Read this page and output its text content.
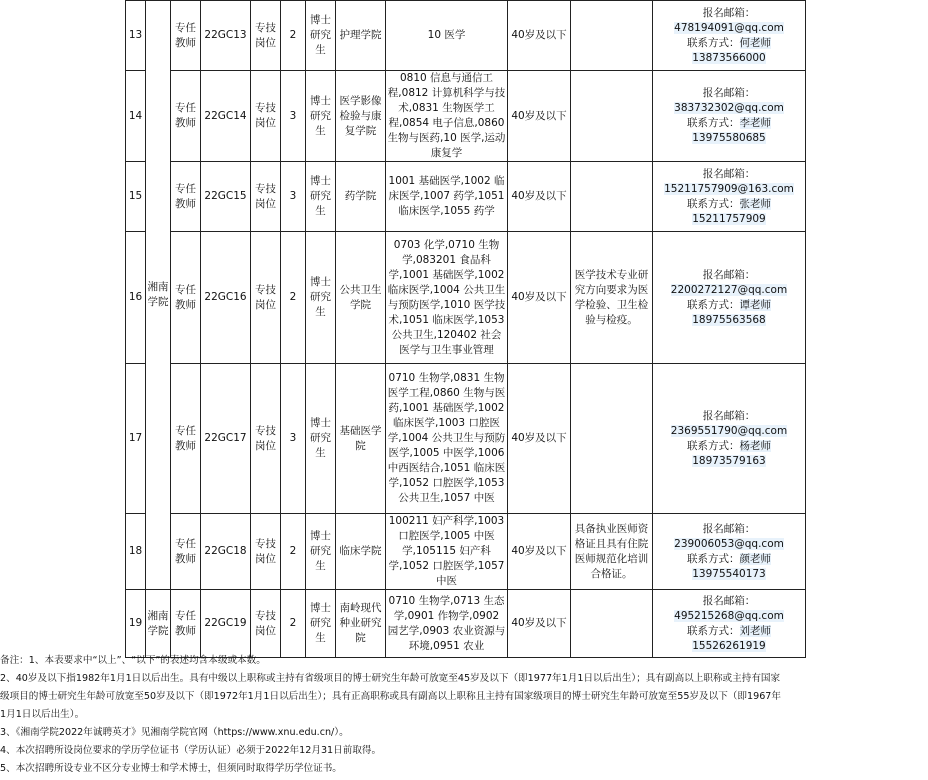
13	湘南学院	专任教师	22GC13	专技岗位	2	博士研究生	护理学院	10 医学	40岁及以下		报名邮箱：478194091@qq.com
联系方式：何老师13873566000
14		专任教师	22GC14	专技岗位	3	博士研究生	医学影像检验与康复学院	0810 信息与通信工程,0812 计算机科学与技术,0831 生物医学工程,0854 电子信息,0860 生物与医药,10 医学,运动康复学	40岁及以下		报名邮箱：383732302@qq.com
联系方式：李老师13975580685
15		专任教师	22GC15	专技岗位	3	博士研究生	药学院	1001 基础医学,1002 临床医学,1007 药学,1051 临床医学,1055 药学	40岁及以下		报名邮箱：15211757909@163.com
联系方式：张老师15211757909
16		专任教师	22GC16	专技岗位	2	博士研究生	公共卫生学院	0703 化学,0710 生物学,083201 食品科学,1001 基础医学,1002 临床医学,1004 公共卫生与预防医学,1010 医学技术,1051 临床医学,1053 公共卫生,120402 社会医学与卫生事业管理	40岁及以下	医学技术专业研究方向要求为医学检验、卫生检验与检疫。	报名邮箱：2200272127@qq.com
联系方式：谭老师18975563568
17		专任教师	22GC17	专技岗位	3	博士研究生	基础医学院	0710 生物学,0831 生物医学工程,0860 生物与医药,1001 基础医学,1002 临床医学,1003 口腔医学,1004 公共卫生与预防医学,1005 中医学,1006 中西医结合,1051 临床医学,1052 口腔医学,1053 公共卫生,1057 中医	40岁及以下		报名邮箱：2369551790@qq.com
联系方式：杨老师18973579163
18		专任教师	22GC18	专技岗位	2	博士研究生	临床学院	100211 妇产科学,1003 口腔医学,1005 中医学,105115 妇产科学,1052 口腔医学,1057 中医	40岁及以下	具备执业医师资格证且具有住院医师规范化培训合格证。	报名邮箱：239006053@qq.com
联系方式：颜老师13975540173
19	湘南学院	专任教师	22GC19	专技岗位	2	博士研究生	南岭现代种业研究院	0710 生物学,0713 生态学,0901 作物学,0902 园艺学,0903 农业资源与环境,0951 农业	40岁及以下		报名邮箱：495215268@qq.com
联系方式：刘老师15526261919
备注：1、本表要求中“以上”、“以下”的表述均含本级或本数。
2、40岁及以下指1982年1月1日以后出生。具有中级以上职称或主持有省级项目的博士研究生年龄可放宽至45岁及以下（即1977年1月1日以后出生）；具有副高以上职称或主持有国家
级项目的博士研究生年龄可放宽至50岁及以下（即1972年1月1日以后出生）；具有正高职称或具有副高以上职称且主持有国家级项目的博士研究生年龄可放宽至55岁及以下（即1967年
1月1日以后出生）。
3、《湘南学院2022年诚聘英才》见湘南学院官网（https://www.xnu.edu.cn/）。
4、本次招聘所设岗位要求的学历学位证书（学历认证）必须于2022年12月31日前取得。
5、本次招聘所设专业不区分专业博士和学术博士，但须同时取得学历学位证书。
